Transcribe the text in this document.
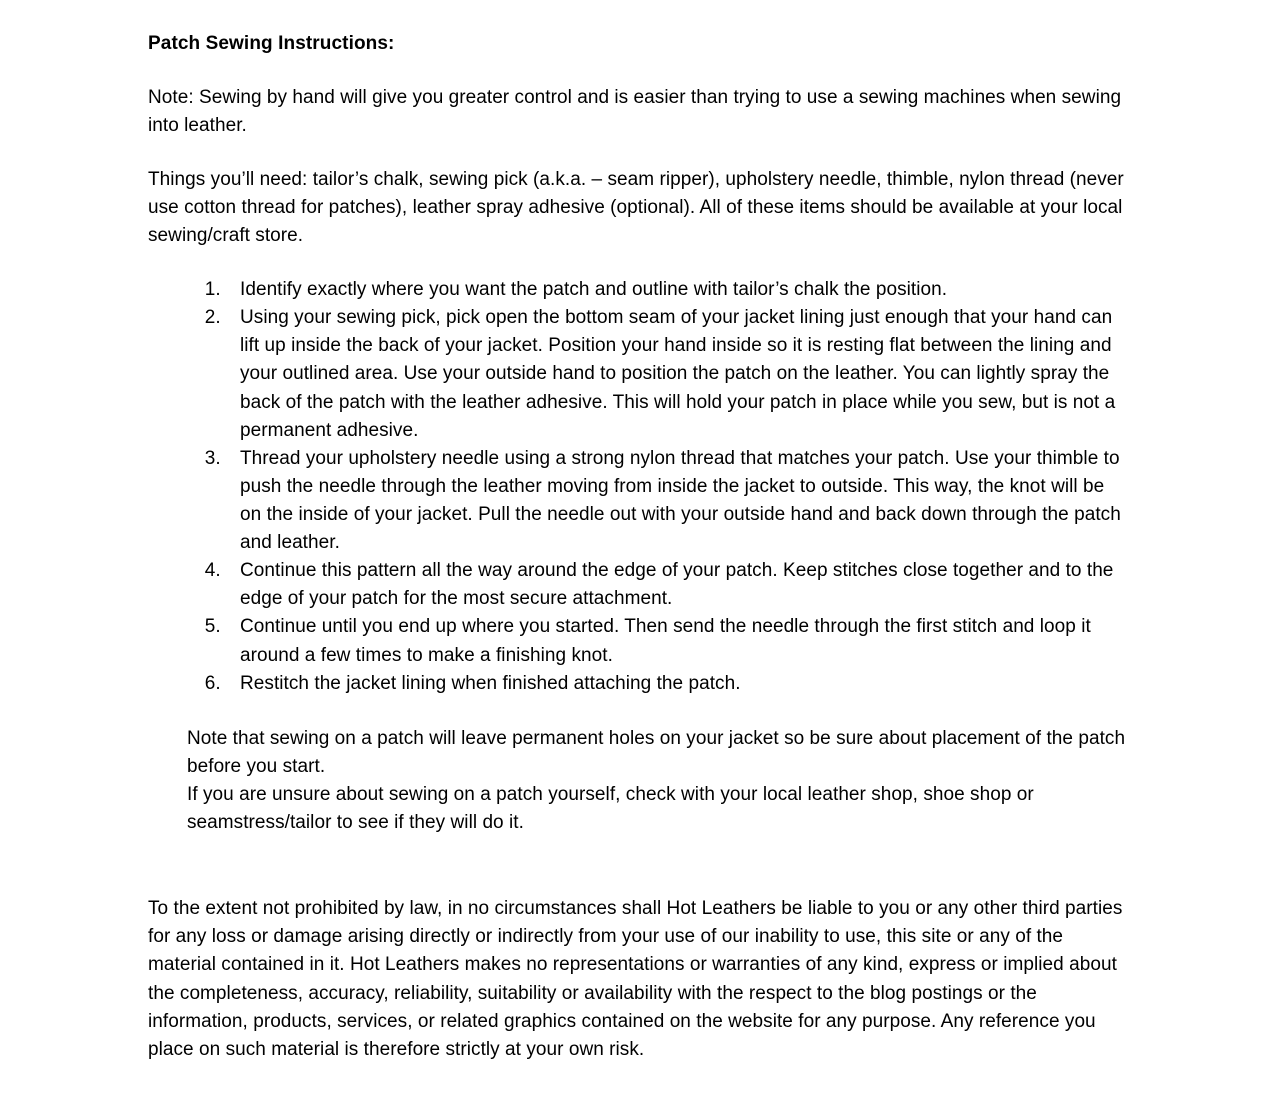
Patch Sewing Instructions:

Note: Sewing by hand will give you greater control and is easier than trying to use a sewing machines when sewing into leather.

Things you’ll need: tailor’s chalk, sewing pick (a.k.a. – seam ripper), upholstery needle, thimble, nylon thread (never use cotton thread for patches), leather spray adhesive (optional). All of these items should be available at your local sewing/craft store.

1. Identify exactly where you want the patch and outline with tailor’s chalk the position.
2. Using your sewing pick, pick open the bottom seam of your jacket lining just enough that your hand can lift up inside the back of your jacket. Position your hand inside so it is resting flat between the lining and your outlined area. Use your outside hand to position the patch on the leather. You can lightly spray the back of the patch with the leather adhesive. This will hold your patch in place while you sew, but is not a permanent adhesive.
3. Thread your upholstery needle using a strong nylon thread that matches your patch. Use your thimble to push the needle through the leather moving from inside the jacket to outside. This way, the knot will be on the inside of your jacket. Pull the needle out with your outside hand and back down through the patch and leather.
4. Continue this pattern all the way around the edge of your patch. Keep stitches close together and to the edge of your patch for the most secure attachment.
5. Continue until you end up where you started. Then send the needle through the first stitch and loop it around a few times to make a finishing knot.
6. Restitch the jacket lining when finished attaching the patch.

Note that sewing on a patch will leave permanent holes on your jacket so be sure about placement of the patch before you start.

If you are unsure about sewing on a patch yourself, check with your local leather shop, shoe shop or seamstress/tailor to see if they will do it.

To the extent not prohibited by law, in no circumstances shall Hot Leathers be liable to you or any other third parties for any loss or damage arising directly or indirectly from your use of our inability to use, this site or any of the material contained in it. Hot Leathers makes no representations or warranties of any kind, express or implied about the completeness, accuracy, reliability, suitability or availability with the respect to the blog postings or the information, products, services, or related graphics contained on the website for any purpose. Any reference you place on such material is therefore strictly at your own risk.
